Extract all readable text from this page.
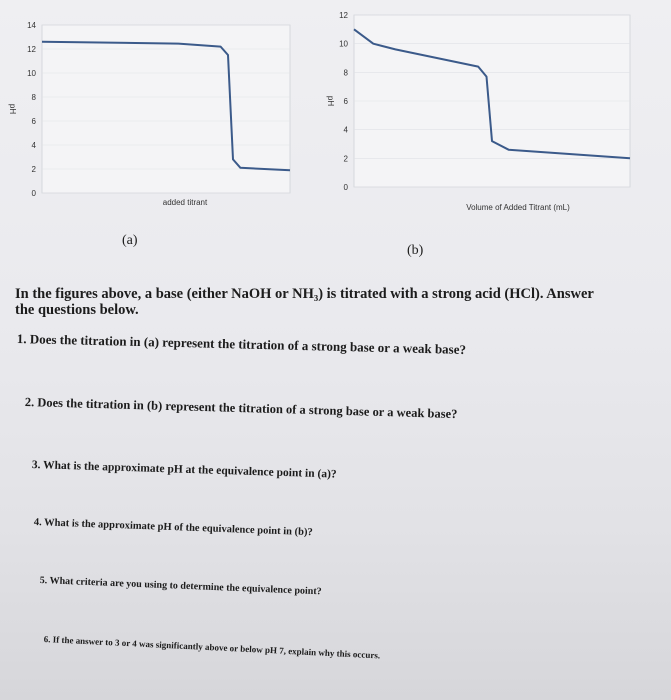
0
2
4
6
8
10
12
14
pH
added titrant
0
2
4
6
8
10
12
pH
Volume of Added Titrant (mL)
(a)
(b)
In the figures above, a base (either NaOH or NH₃) is titrated with a strong acid (HCl). Answer the questions below.
1. Does the titration in (a) represent the titration of a strong base or a weak base?
2. Does the titration in (b) represent the titration of a strong base or a weak base?
3. What is the approximate pH at the equivalence point in (a)?
4. What is the approximate pH of the equivalence point in (b)?
5. What criteria are you using to determine the equivalence point?
6. If the answer to 3 or 4 was significantly above or below pH 7, explain why this occurs.
